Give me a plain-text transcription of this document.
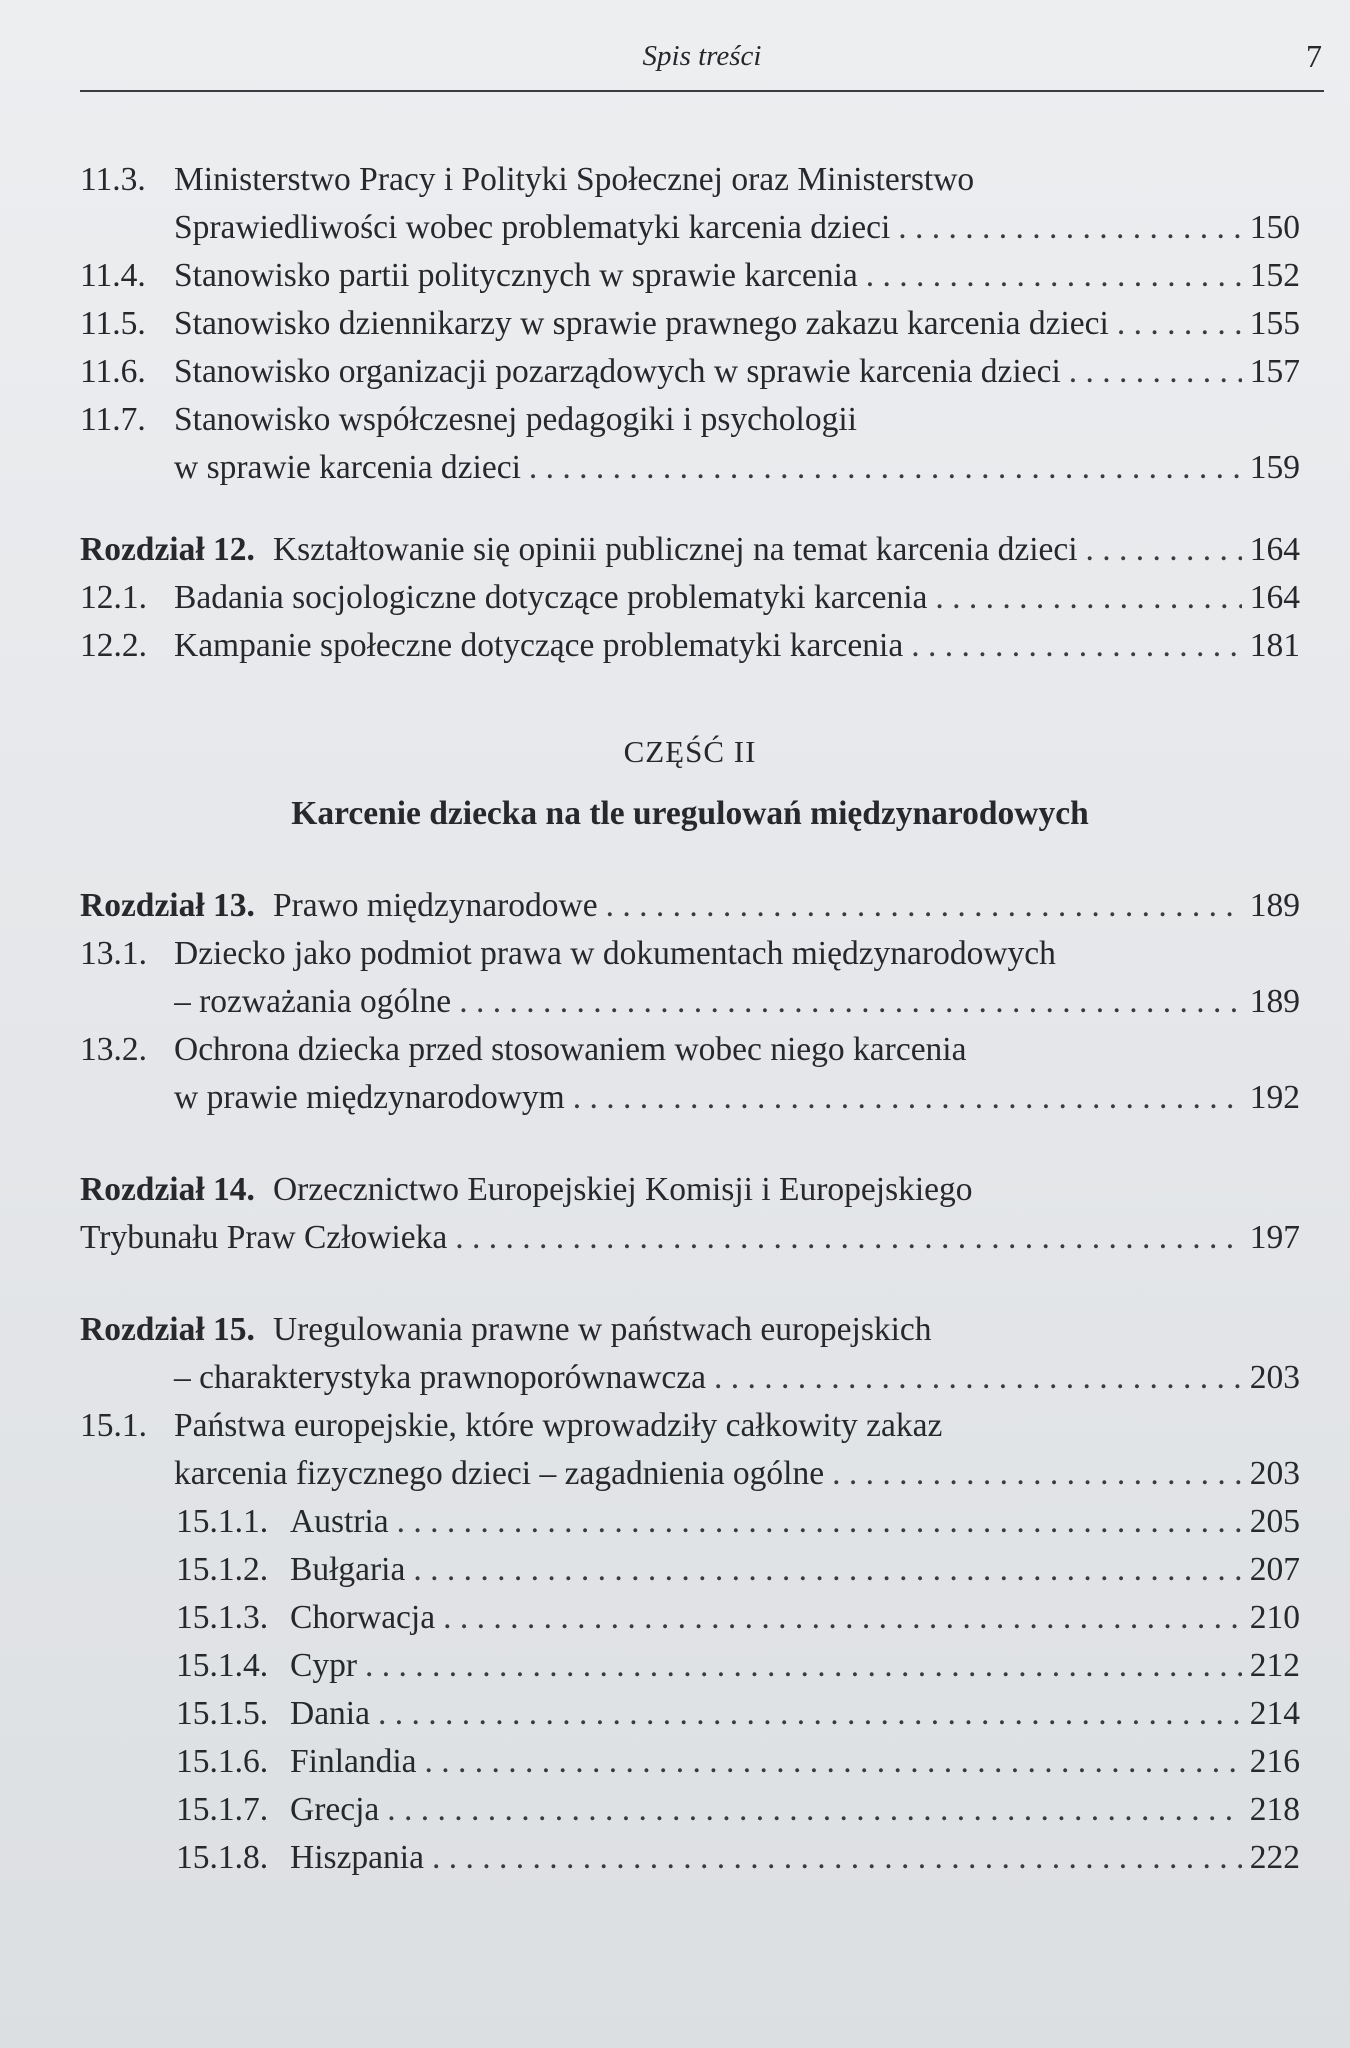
Spis treści	7
11.3. Ministerstwo Pracy i Polityki Społecznej oraz Ministerstwo
Sprawiedliwości wobec problematyki karcenia dzieci . . .	150
11.4. Stanowisko partii politycznych w sprawie karcenia . . .	152
11.5. Stanowisko dziennikarzy w sprawie prawnego zakazu karcenia dzieci . . .	155
11.6. Stanowisko organizacji pozarządowych w sprawie karcenia dzieci . . .	157
11.7. Stanowisko współczesnej pedagogiki i psychologii
w sprawie karcenia dzieci . . .	159
Rozdział 12. Kształtowanie się opinii publicznej na temat karcenia dzieci . . .	164
12.1. Badania socjologiczne dotyczące problematyki karcenia . . .	164
12.2. Kampanie społeczne dotyczące problematyki karcenia . . .	181
CZĘŚĆ II
Karcenie dziecka na tle uregulowań międzynarodowych
Rozdział 13. Prawo międzynarodowe . . .	189
13.1. Dziecko jako podmiot prawa w dokumentach międzynarodowych
– rozważania ogólne . . .	189
13.2. Ochrona dziecka przed stosowaniem wobec niego karcenia
w prawie międzynarodowym . . .	192
Rozdział 14. Orzecznictwo Europejskiej Komisji i Europejskiego
Trybunału Praw Człowieka . . .	197
Rozdział 15. Uregulowania prawne w państwach europejskich
– charakterystyka prawnoporównawcza . . .	203
15.1. Państwa europejskie, które wprowadziły całkowity zakaz
karcenia fizycznego dzieci – zagadnienia ogólne . . .	203
15.1.1. Austria . . .	205
15.1.2. Bułgaria . . .	207
15.1.3. Chorwacja . . .	210
15.1.4. Cypr . . .	212
15.1.5. Dania . . .	214
15.1.6. Finlandia . . .	216
15.1.7. Grecja . . .	218
15.1.8. Hiszpania . . .	222
